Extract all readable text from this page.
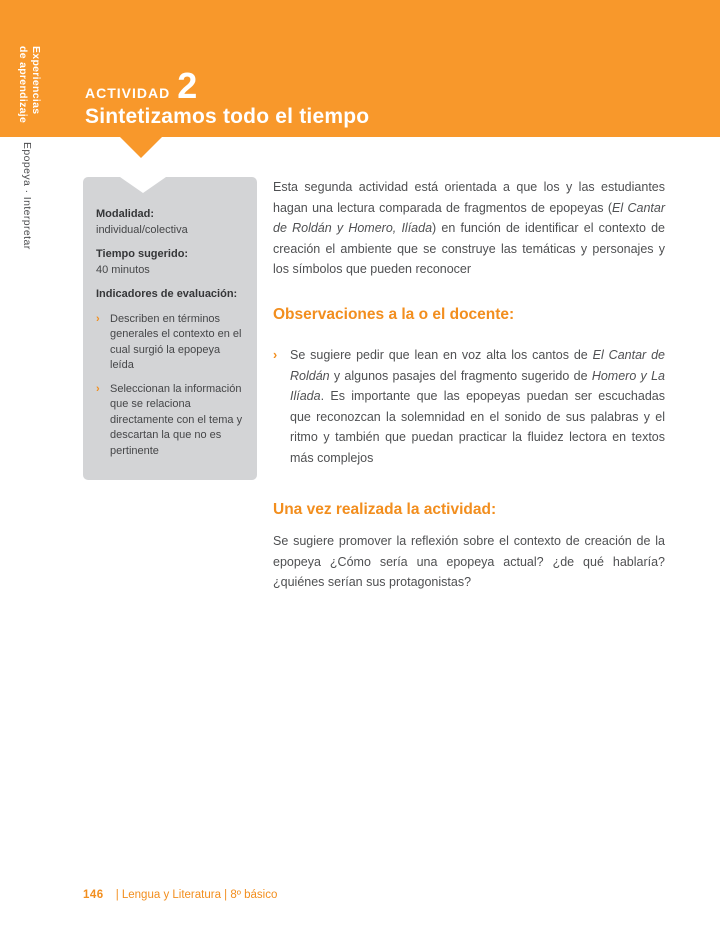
ACTIVIDAD 2
Sintetizamos todo el tiempo
Experiencias
de aprendizaje
Epopeya · Interpretar	Modalidad: individual/colectiva
Tiempo sugerido:
40 minutos
Indicadores de evaluación:
› Describen en términos generales el contexto en el cual surgió la epopeya leída
› Seleccionan la información que se relaciona directamente con el tema y descartan la que no es pertinente

Esta segunda actividad está orientada a que los y las estudiantes hagan una lectura comparada de fragmentos de epopeyas (El Cantar de Roldán y Homero, Ilíada) en función de identificar el contexto de creación el ambiente que se construye las temáticas y personajes y los símbolos que pueden reconocer

Observaciones a la o el docente:
›	Se sugiere pedir que lean en voz alta los cantos de El Cantar de Roldán y algunos pasajes del fragmento sugerido de Homero y La Ilíada. Es importante que las epopeyas puedan ser escuchadas que reconozcan la solemnidad en el sonido de sus palabras y el ritmo y también que puedan practicar la fluidez lectora en textos más complejos

Una vez realizada la actividad:

Se sugiere promover la reflexión sobre el contexto de creación de la epopeya ¿Cómo sería una epopeya actual? ¿de qué hablaría? ¿quiénes serían sus protagonistas?

146 | Lengua y Literatura | 8º básico
